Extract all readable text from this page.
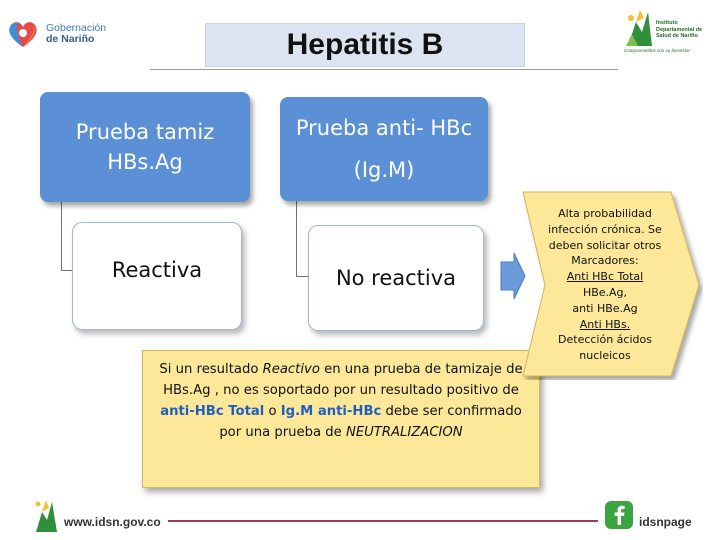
Gobernación
de Nariño	Hepatitis B
Instituto Departamental de Salud de Nariño
Comprometidos con su bienestar
Prueba tamiz HBs.Ag
Prueba anti- HBc
(Ig.M)
Reactiva	No reactiva
Si un resultado Reactivo en una prueba de tamizaje de HBs.Ag , no es soportado por un resultado positivo de anti-HBc Total o Ig.M anti-HBc debe ser confirmado por una prueba de NEUTRALIZACION
Alta probabilidad infección crónica. Se deben solicitar otros Marcadores:
Anti HBc Total
HBe.Ag,
anti HBe.Ag
Anti HBs.
Detección ácidos nucleicos
www.idsn.gov.co	idsnpage
